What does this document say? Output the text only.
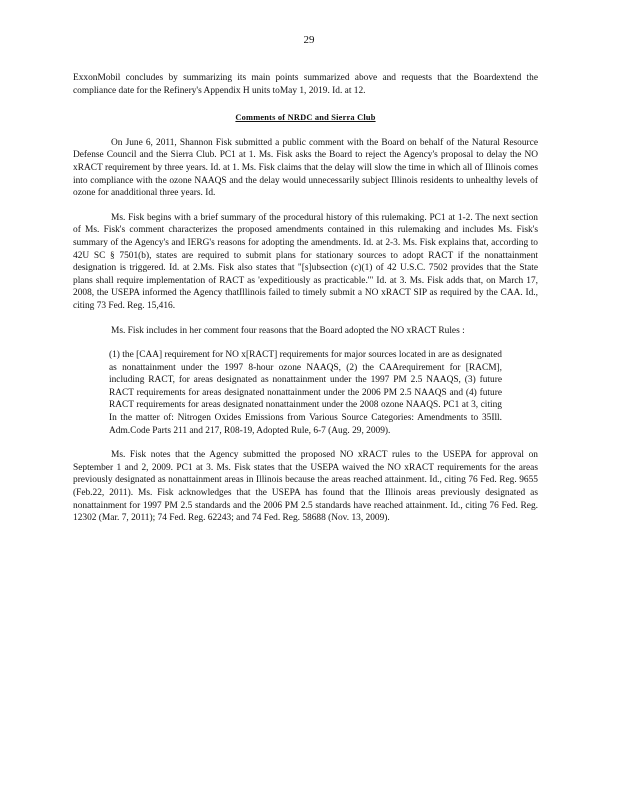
29

ExxonMobil concludes by summarizing its main points summarized above and requests that the Boardextend the compliance date for the Refinery's Appendix H units toMay 1, 2019. Id. at 12.

Comments of NRDC and Sierra Club

On June 6, 2011, Shannon Fisk submitted a public comment with the Board on behalf of the Natural Resource Defense Council and the Sierra Club. PC1 at 1. Ms. Fisk asks the Board to reject the Agency's proposal to delay the NO xRACT requirement by three years. Id. at 1. Ms. Fisk claims that the delay will slow the time in which all of Illinois comes into compliance with the ozone NAAQS and the delay would unnecessarily subject Illinois residents to unhealthy levels of ozone for anadditional three years. Id.

Ms. Fisk begins with a brief summary of the procedural history of this rulemaking. PC1 at 1-2. The next section of Ms. Fisk's comment characterizes the proposed amendments contained in this rulemaking and includes Ms. Fisk's summary of the Agency's and IERG's reasons for adopting the amendments. Id. at 2-3. Ms. Fisk explains that, according to 42U SC § 7501(b), states are required to submit plans for stationary sources to adopt RACT if the nonattainment designation is triggered. Id. at 2.Ms. Fisk also states that "[s]ubsection (c)(1) of 42 U.S.C. 7502 provides that the State plans shall require implementation of RACT as 'expeditiously as practicable.'" Id. at 3. Ms. Fisk adds that, on March 17, 2008, the USEPA informed the Agency thatIllinois failed to timely submit a NO xRACT SIP as required by the CAA. Id., citing 73 Fed. Reg. 15,416.

Ms. Fisk includes in her comment four reasons that the Board adopted the NO xRACT Rules :

(1) the [CAA] requirement for NO x[RACT] requirements for major sources located in are as designated as nonattainment under the 1997 8-hour ozone NAAQS, (2) the CAArequirement for [RACM], including RACT, for areas designated as nonattainment under the 1997 PM 2.5 NAAQS, (3) future RACT requirements for areas designated nonattainment under the 2006 PM 2.5 NAAQS and (4) future RACT requirements for areas designated nonattainment under the 2008 ozone NAAQS. PC1 at 3, citing In the matter of: Nitrogen Oxides Emissions from Various Source Categories: Amendments to 35Ill. Adm.Code Parts 211 and 217, R08-19, Adopted Rule, 6-7 (Aug. 29, 2009).

Ms. Fisk notes that the Agency submitted the proposed NO xRACT rules to the USEPA for approval on September 1 and 2, 2009. PC1 at 3. Ms. Fisk states that the USEPA waived the NO xRACT requirements for the areas previously designated as nonattainment areas in Illinois because the areas reached attainment. Id., citing 76 Fed. Reg. 9655 (Feb.22, 2011). Ms. Fisk acknowledges that the USEPA has found that the Illinois areas previously designated as nonattainment for 1997 PM 2.5 standards and the 2006 PM 2.5 standards have reached attainment. Id., citing 76 Fed. Reg. 12302 (Mar. 7, 2011); 74 Fed. Reg. 62243; and 74 Fed. Reg. 58688 (Nov. 13, 2009).
